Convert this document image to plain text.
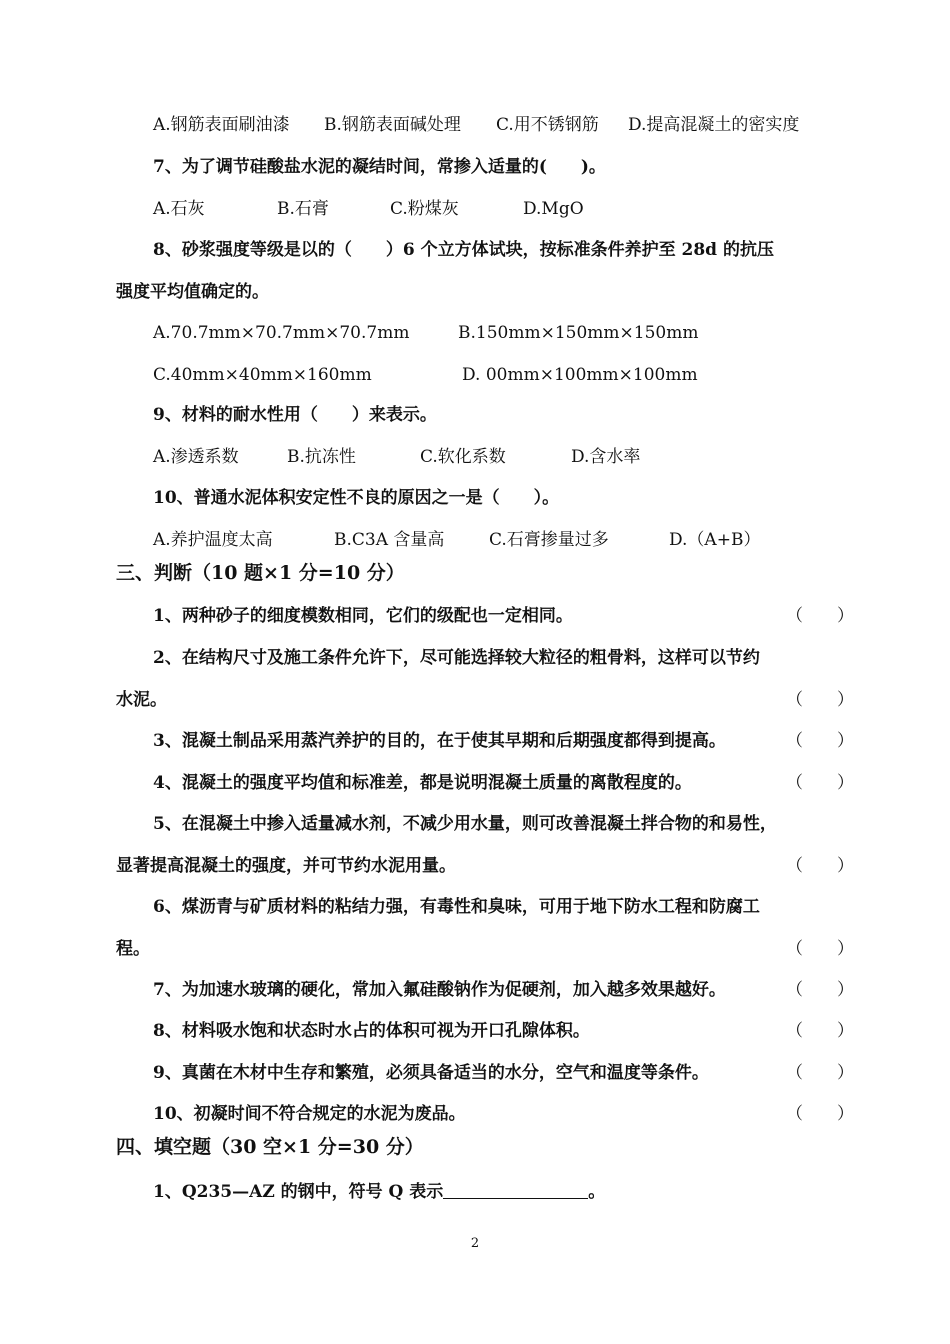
A.钢筋表面刷油漆 B.钢筋表面碱处理 C.用不锈钢筋 D.提高混凝土的密实度
7、为了调节硅酸盐水泥的凝结时间，常掺入适量的(　　)。
A.石灰	B.石膏	C.粉煤灰	D.MgO
8、砂浆强度等级是以的（　　）6 个立方体试块，按标准条件养护至 28d 的抗压
强度平均值确定的。
A.70.7mm×70.7mm×70.7mm	B.150mm×150mm×150mm
C.40mm×40mm×160mm	D. 00mm×100mm×100mm
9、材料的耐水性用（　　）来表示。
A.渗透系数	B.抗冻性	C.软化系数	D.含水率
10、普通水泥体积安定性不良的原因之一是（　　）。
A.养护温度太高	B.C3A 含量高	C.石膏掺量过多	D.（A+B）
三、判断（10 题×1 分=10 分）
1、两种砂子的细度模数相同，它们的级配也一定相同。	（　　）
2、在结构尺寸及施工条件允许下，尽可能选择较大粒径的粗骨料，这样可以节约
水泥。	（　　）
3、混凝土制品采用蒸汽养护的目的，在于使其早期和后期强度都得到提高。	（　　）
4、混凝土的强度平均值和标准差，都是说明混凝土质量的离散程度的。	（　　）
5、在混凝土中掺入适量减水剂，不减少用水量，则可改善混凝土拌合物的和易性，
显著提高混凝土的强度，并可节约水泥用量。	（　　）
6、煤沥青与矿质材料的粘结力强，有毒性和臭味，可用于地下防水工程和防腐工
程。	（　　）
7、为加速水玻璃的硬化，常加入氟硅酸钠作为促硬剂，加入越多效果越好。	（　　）
8、材料吸水饱和状态时水占的体积可视为开口孔隙体积。	（　　）
9、真菌在木材中生存和繁殖，必须具备适当的水分，空气和温度等条件。	（　　）
10、初凝时间不符合规定的水泥为废品。	（　　）
四、填空题（30 空×1 分=30 分）
1、Q235—AZ 的钢中，符号 Q 表示	。
2
